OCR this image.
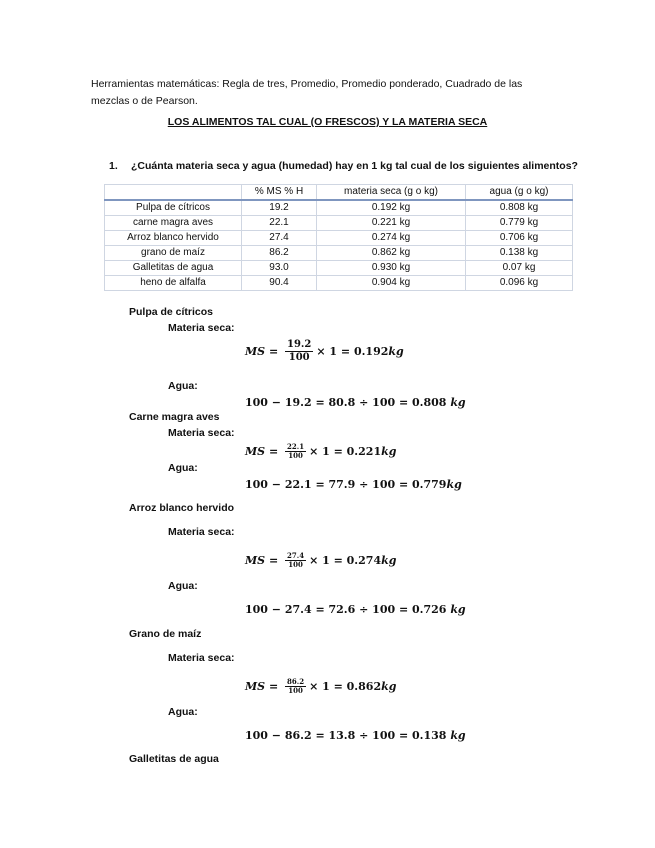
Herramientas matemáticas: Regla de tres, Promedio, Promedio ponderado, Cuadrado de las mezclas o de Pearson.
LOS ALIMENTOS TAL CUAL (O FRESCOS) Y LA MATERIA SECA
1. ¿Cuánta materia seca y agua (humedad) hay en 1 kg tal cual de los siguientes alimentos?
	% MS % H	materia seca (g o kg)	agua (g o kg)
Pulpa de cítricos	19.2	0.192 kg	0.808 kg
carne magra aves	22.1	0.221 kg	0.779 kg
Arroz blanco hervido	27.4	0.274 kg	0.706 kg
grano de maíz	86.2	0.862 kg	0.138 kg
Galletitas de agua	93.0	0.930 kg	0.07 kg
heno de alfalfa	90.4	0.904 kg	0.096 kg
Pulpa de cítricos
Materia seca:
MS = $\frac{19.2}{100} \times 1 = 0.192$ kg
Agua:
100 − 19.2 = 80.8 ÷ 100 = 0.808
kg
Carne magra aves
Materia seca:
MS = $\frac{22.1}{100} \times 1 = 0.221$ kg
Agua:
100 − 22.1 = 77.9 ÷ 100 = 0.779 kg
Arroz blanco hervido
Materia seca:
MS = $\frac{27.4}{100} \times 1 = 0.274$ kg
Agua:
100 − 27.4 = 72.6 ÷ 100 = 0.726
kg
Grano de maíz
Materia seca:
MS = $\frac{86.2}{100} \times 1 = 0.862$ kg
Agua:
100 − 86.2 = 13.8 ÷ 100 = 0.138
kg
Galletitas de agua
